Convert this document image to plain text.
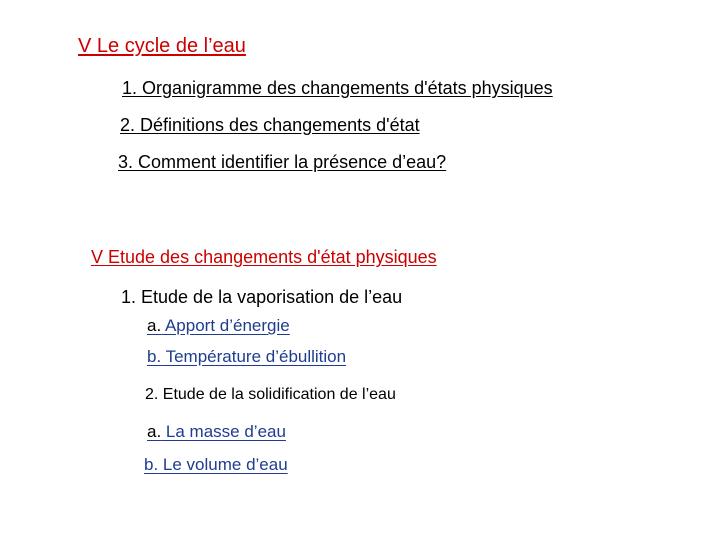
V Le cycle de l’eau
1. Organigramme des changements d'états physiques
2. Définitions des changements d'état
3. Comment identifier la présence d’eau?
V Etude des changements d'état physiques
1. Etude de la vaporisation de l’eau
a. Apport d’énergie
b. Température d’ébullition
2. Etude de la solidification de l’eau
a. La masse d’eau
b. Le volume d’eau
